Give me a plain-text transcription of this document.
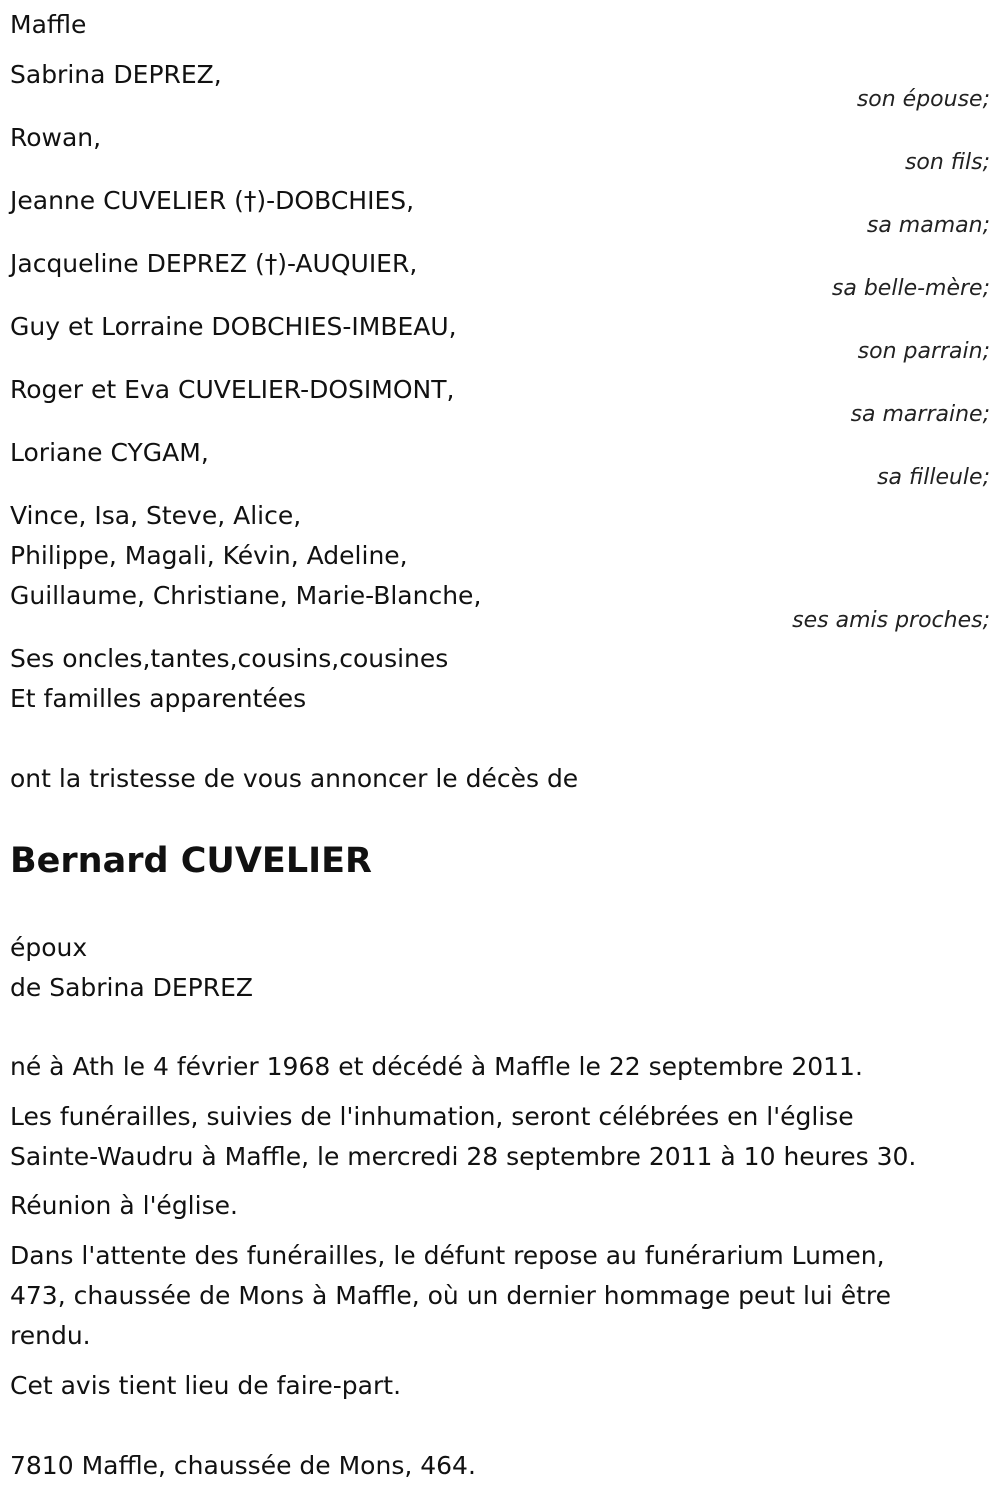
Maffle
Sabrina DEPREZ,
son épouse;
Rowan,
son fils;
Jeanne CUVELIER (†)-DOBCHIES,
sa maman;
Jacqueline DEPREZ (†)-AUQUIER,
sa belle-mère;
Guy et Lorraine DOBCHIES-IMBEAU,
son parrain;
Roger et Eva CUVELIER-DOSIMONT,
sa marraine;
Loriane CYGAM,
sa filleule;
Vince, Isa, Steve, Alice,
Philippe, Magali, Kévin, Adeline,
Guillaume, Christiane, Marie-Blanche,
ses amis proches;
Ses oncles,tantes,cousins,cousines
Et familles apparentées
ont la tristesse de vous annoncer le décès de
Bernard CUVELIER
époux
de Sabrina DEPREZ
né à Ath le 4 février 1968 et décédé à Maffle le 22 septembre 2011.
Les funérailles, suivies de l'inhumation, seront célébrées en l'église
Sainte-Waudru à Maffle, le mercredi 28 septembre 2011 à 10 heures 30.
Réunion à l'église.
Dans l'attente des funérailles, le défunt repose au funérarium Lumen,
473, chaussée de Mons à Maffle, où un dernier hommage peut lui être
rendu.
Cet avis tient lieu de faire-part.
7810 Maffle, chaussée de Mons, 464.
